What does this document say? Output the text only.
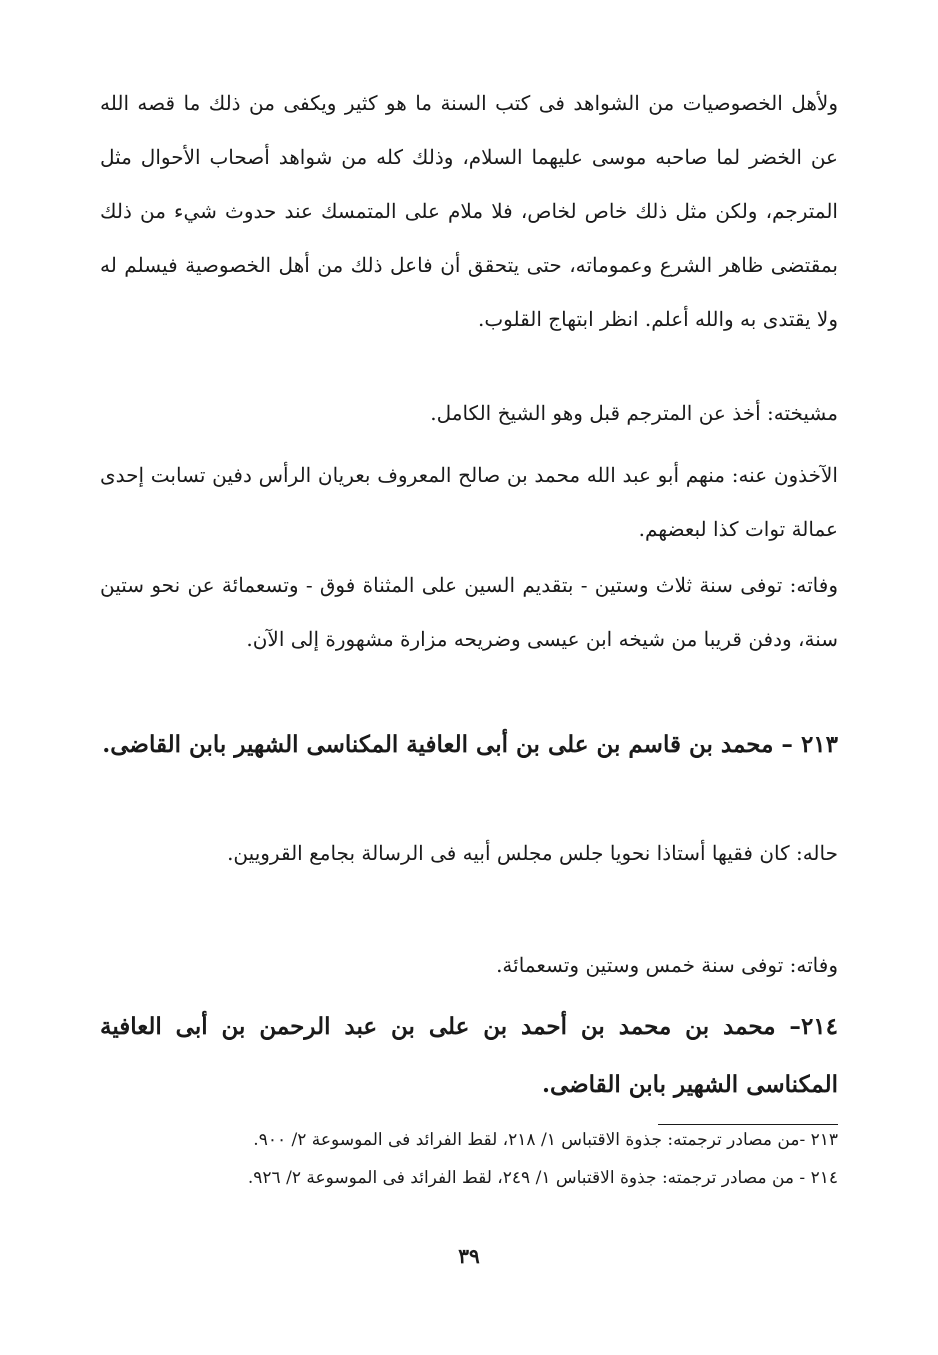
ولأهل الخصوصيات من الشواهد فى كتب السنة ما هو كثير ويكفى من ذلك ما قصه الله عن الخضر لما صاحبه موسى عليهما السلام، وذلك كله من شواهد أصحاب الأحوال مثل المترجم، ولكن مثل ذلك خاص لخاص، فلا ملام على المتمسك عند حدوث شيء من ذلك بمقتضى ظاهر الشرع وعموماته، حتى يتحقق أن فاعل ذلك من أهل الخصوصية فيسلم له ولا يقتدى به والله أعلم. انظر ابتهاج القلوب.

مشيخته: أخذ عن المترجم قبل وهو الشيخ الكامل.

الآخذون عنه: منهم أبو عبد الله محمد بن صالح المعروف بعريان الرأس دفين تسابت إحدى عمالة توات كذا لبعضهم.

وفاته: توفى سنة ثلاث وستين - بتقديم السين على المثناة فوق - وتسعمائة عن نحو ستين سنة، ودفن قريبا من شيخه ابن عيسى وضريحه مزارة مشهورة إلى الآن.

٢١٣ – محمد بن قاسم بن على بن أبى العافية المكناسى الشهير بابن القاضى.

حاله: كان فقيها أستاذا نحويا جلس مجلس أبيه فى الرسالة بجامع القرويين.

وفاته: توفى سنة خمس وستين وتسعمائة.

٢١٤– محمد بن محمد بن أحمد بن على بن عبد الرحمن بن أبى العافية المكناسى الشهير بابن القاضى.

٢١٣ -من مصادر ترجمته: جذوة الاقتباس ١/ ٢١٨، لقط الفرائد فى الموسوعة ٢/ ٩٠٠.

٢١٤ - من مصادر ترجمته: جذوة الاقتباس ١/ ٢٤٩، لقط الفرائد فى الموسوعة ٢/ ٩٢٦.

٣٩
